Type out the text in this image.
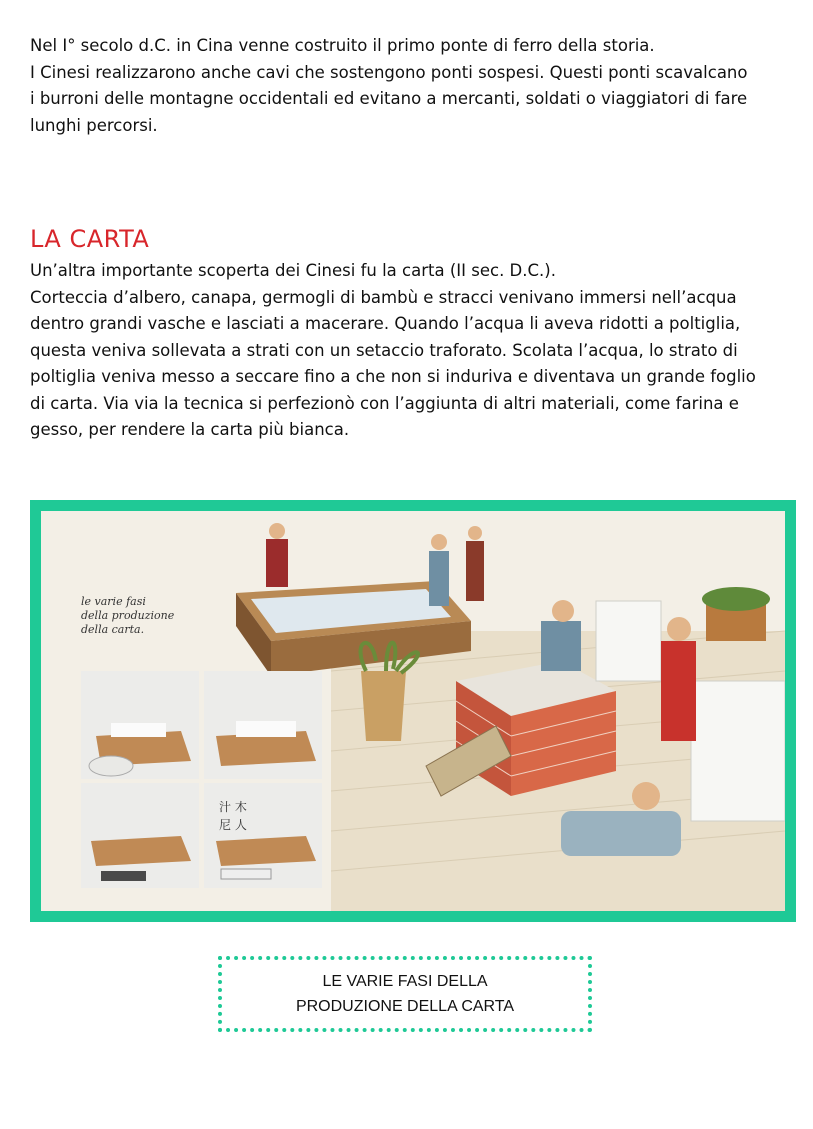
Nel I° secolo d.C. in Cina venne costruito il primo ponte di ferro della storia.
I Cinesi realizzarono anche cavi che sostengono ponti sospesi. Questi ponti scavalcano
i burroni delle montagne occidentali ed evitano a mercanti, soldati o viaggiatori di fare
lunghi percorsi.
LA CARTA
Un’altra importante scoperta dei Cinesi fu la carta (II sec. D.C.).
Corteccia d’albero, canapa, germogli di bambù e stracci venivano immersi nell’acqua
dentro grandi vasche e lasciati a macerare. Quando l’acqua li aveva ridotti a poltiglia,
questa veniva sollevata a strati con un setaccio traforato. Scolata l’acqua, lo strato di
poltiglia veniva messo a seccare fino a che non si induriva e diventava un grande foglio
di carta. Via via la tecnica si perfezionò con l’aggiunta di altri materiali, come farina e
gesso, per rendere la carta più bianca.
汁 木
尼 人
le varie fasi
della produzione
della carta.
LE VARIE FASI DELLA
PRODUZIONE DELLA CARTA
